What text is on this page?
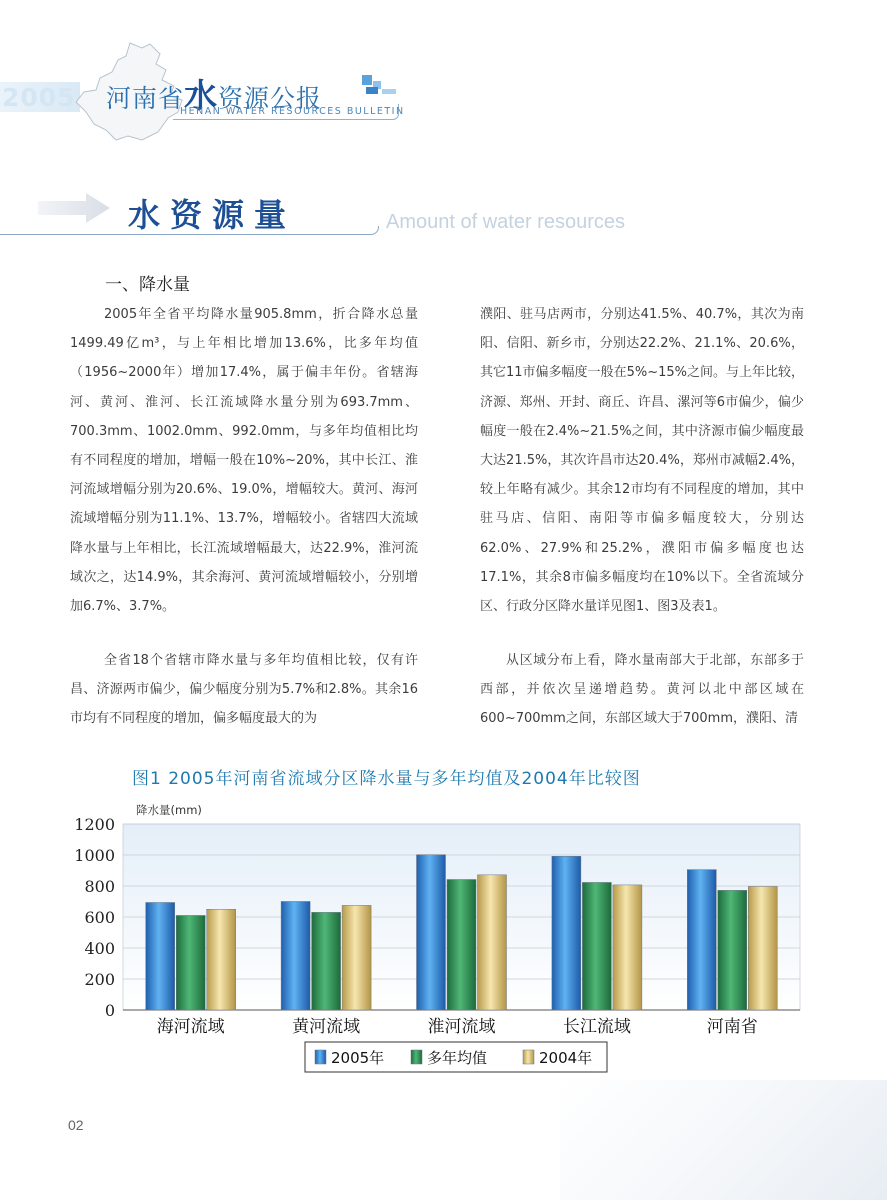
2005 河南省水资源公报
HENAN WATER RESOURCES BULLETIN
水资源量	Amount of water resources
一、降水量

2005年全省平均降水量905.8mm，折合降水总量1499.49亿m³，与上年相比增加13.6%，比多年均值（1956~2000年）增加17.4%，属于偏丰年份。省辖海河、黄河、淮河、长江流域降水量分别为693.7mm、700.3mm、1002.0mm、992.0mm，与多年均值相比均有不同程度的增加，增幅一般在10%~20%，其中长江、淮河流域增幅分别为20.6%、19.0%，增幅较大。黄河、海河流域增幅分别为11.1%、13.7%，增幅较小。省辖四大流域降水量与上年相比，长江流域增幅最大，达22.9%，淮河流域次之，达14.9%，其余海河、黄河流域增幅较小，分别增加6.7%、3.7%。

全省18个省辖市降水量与多年均值相比较，仅有许昌、济源两市偏少，偏少幅度分别为5.7%和2.8%。其余16市均有不同程度的增加，偏多幅度最大的为

濮阳、驻马店两市，分别达41.5%、40.7%，其次为南阳、信阳、新乡市，分别达22.2%、21.1%、20.6%，其它11市偏多幅度一般在5%~15%之间。与上年比较，济源、郑州、开封、商丘、许昌、漯河等6市偏少，偏少幅度一般在2.4%~21.5%之间，其中济源市偏少幅度最大达21.5%，其次许昌市达20.4%，郑州市减幅2.4%，较上年略有减少。其余12市均有不同程度的增加，其中驻马店、信阳、南阳等市偏多幅度较大，分别达62.0%、27.9%和25.2%，濮阳市偏多幅度也达17.1%，其余8市偏多幅度均在10%以下。全省流域分区、行政分区降水量详见图1、图3及表1。

从区域分布上看，降水量南部大于北部，东部多于西部，并依次呈递增趋势。黄河以北中部区域在600~700mm之间，东部区域大于700mm，濮阳、清

图1 2005年河南省流域分区降水量与多年均值及2004年比较图
降水量(mm)
0
200
400
600
800
1000
1200
海河流域	黄河流域	淮河流域	长江流域	河南省
2005年	多年均值	2004年
02
